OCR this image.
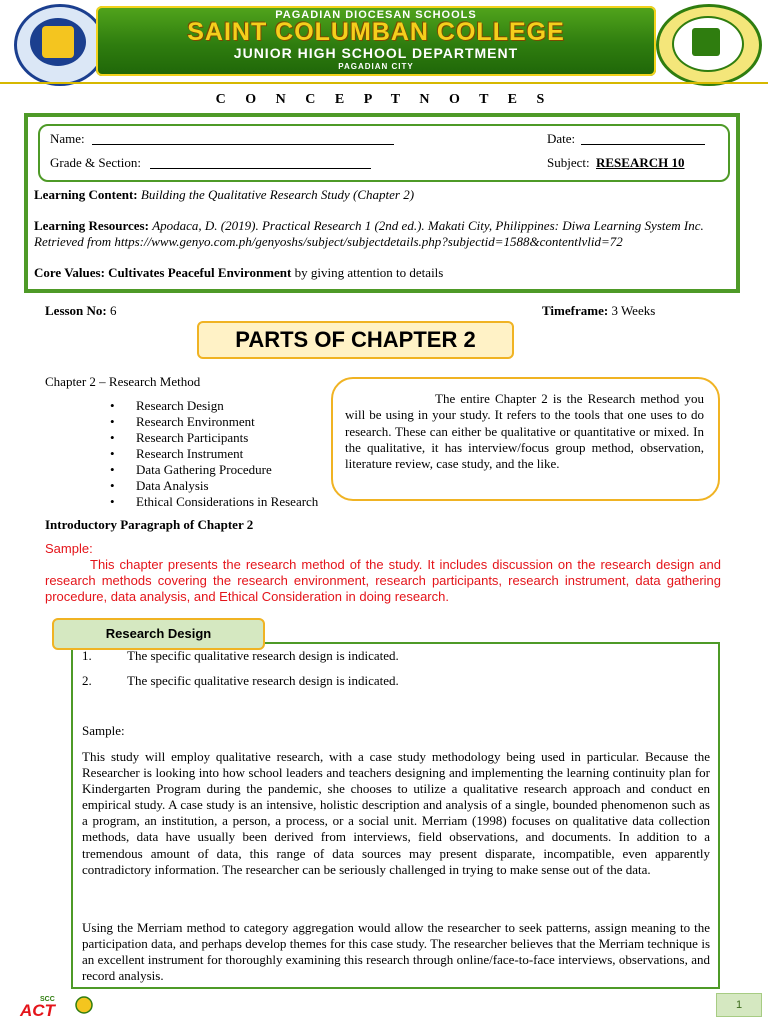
PAGADIAN DIOCESAN SCHOOLS
SAINT COLUMBAN COLLEGE
JUNIOR HIGH SCHOOL DEPARTMENT
PAGADIAN CITY
C O N C E P T N O T E S
Name:	Date:
Grade & Section:	Subject: RESEARCH 10
Learning Content: Building the Qualitative Research Study (Chapter 2)
Learning Resources: Apodaca, D. (2019). Practical Research 1 (2nd ed.). Makati City, Philippines: Diwa Learning System Inc. Retrieved from https://www.genyo.com.ph/genyoshs/subject/subjectdetails.php?subjectid=1588&contentlvlid=72
Core Values: Cultivates Peaceful Environment by giving attention to details
Lesson No: 6	Timeframe: 3 Weeks
PARTS OF CHAPTER 2
Chapter 2 – Research Method
• Research Design
• Research Environment
• Research Participants
• Research Instrument
• Data Gathering Procedure
• Data Analysis
• Ethical Considerations in Research
The entire Chapter 2 is the Research method you will be using in your study. It refers to the tools that one uses to do research. These can either be qualitative or quantitative or mixed. In the qualitative, it has interview/focus group method, observation, literature review, case study, and the like.
Introductory Paragraph of Chapter 2
Sample:
This chapter presents the research method of the study. It includes discussion on the research design and research methods covering the research environment, research participants, research instrument, data gathering procedure, data analysis, and Ethical Consideration in doing research.
Research Design
1.	The specific qualitative research design is indicated.
2.	The specific qualitative research design is indicated.
Sample:
This study will employ qualitative research, with a case study methodology being used in particular. Because the Researcher is looking into how school leaders and teachers designing and implementing the learning continuity plan for Kindergarten Program during the pandemic, she chooses to utilize a qualitative research approach and conduct en empirical study. A case study is an intensive, holistic description and analysis of a single, bounded phenomenon such as a program, an institution, a person, a process, or a social unit. Merriam (1998) focuses on qualitative data collection methods, data have usually been derived from interviews, field observations, and documents. In addition to a tremendous amount of data, this range of data sources may present disparate, incompatible, even apparently contradictory information. The researcher can be seriously challenged in trying to make sense out of the data.
Using the Merriam method to category aggregation would allow the researcher to seek patterns, assign meaning to the participation data, and perhaps develop themes for this case study. The researcher believes that the Merriam technique is an excellent instrument for thoroughly examining this research through online/face-to-face interviews, observations, and record analysis.
SCC
ACT	1
